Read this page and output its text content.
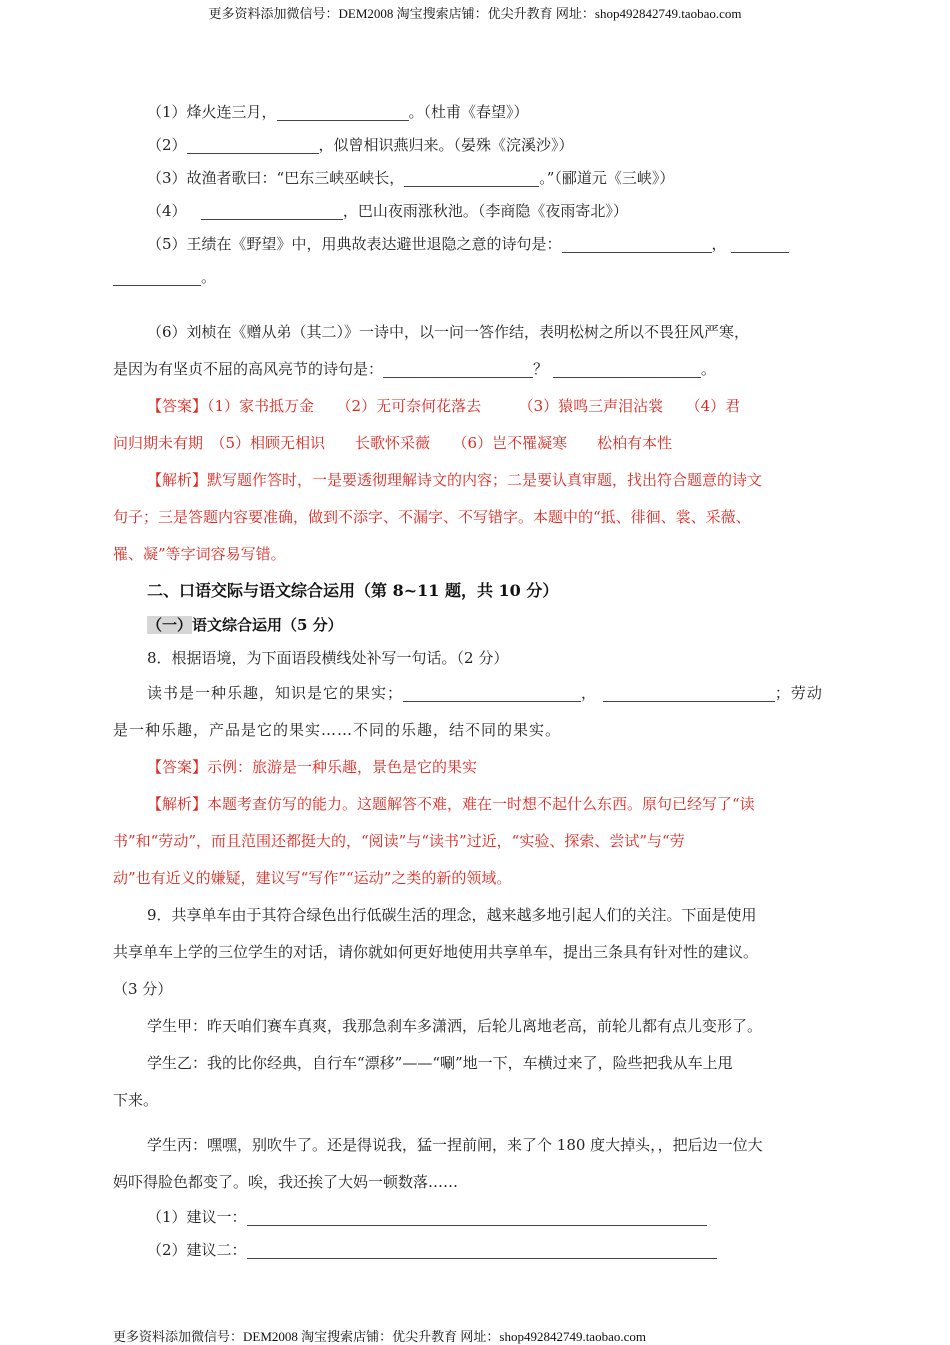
更多资料添加微信号：DEM2008 淘宝搜索店铺：优尖升教育 网址：shop492842749.taobao.com
（1）烽火连三月，	。（杜甫《春望》）
（2）	，似曾相识燕归来。（晏殊《浣溪沙》）
（3）故渔者歌曰：“巴东三峡巫峡长，	。”（郦道元《三峡》）
（4）	，巴山夜雨涨秋池。（李商隐《夜雨寄北》）
（5）王绩在《野望》中，用典故表达避世退隐之意的诗句是：	，
。
（6）刘桢在《赠从弟（其二）》一诗中，以一问一答作结，表明松树之所以不畏狂风严寒，
是因为有坚贞不屈的高风亮节的诗句是：	？	。
【答案】（1）家书抵万金　　（2）无可奈何花落去　　　（3）猿鸣三声泪沾裳　　（4）君
问归期未有期　（5）相顾无相识　　长歌怀采薇　　（6）岂不罹凝寒　　松柏有本性
【解析】默写题作答时，一是要透彻理解诗文的内容；二是要认真审题，找出符合题意的诗文
句子；三是答题内容要准确，做到不添字、不漏字、不写错字。本题中的“抵、徘徊、裳、采薇、
罹、凝”等字词容易写错。
二、口语交际与语文综合运用（第 8~11 题，共 10 分）
（一）语文综合运用（5 分）
8．根据语境，为下面语段横线处补写一句话。（2 分）
读书是一种乐趣，知识是它的果实；	，	；劳动
是一种乐趣，产品是它的果实……不同的乐趣，结不同的果实。
【答案】示例：旅游是一种乐趣，景色是它的果实
【解析】本题考查仿写的能力。这题解答不难，难在一时想不起什么东西。原句已经写了“读
书”和“劳动”，而且范围还都挺大的，“阅读”与“读书”过近，“实验、探索、尝试”与“劳
动”也有近义的嫌疑，建议写“写作”“运动”之类的新的领域。
9．共享单车由于其符合绿色出行低碳生活的理念，越来越多地引起人们的关注。下面是使用
共享单车上学的三位学生的对话，请你就如何更好地使用共享单车，提出三条具有针对性的建议。
（3 分）
学生甲：昨天咱们赛车真爽，我那急刹车多潇洒，后轮儿离地老高，前轮儿都有点儿变形了。
学生乙：我的比你经典，自行车“漂移”——“唰”地一下，车横过来了，险些把我从车上甩
下来。
学生丙：嘿嘿，别吹牛了。还是得说我，猛一捏前闸，来了个 180 度大掉头，，把后边一位大
妈吓得脸色都变了。唉，我还挨了大妈一顿数落……
（1）建议一：
（2）建议二：
更多资料添加微信号：DEM2008 淘宝搜索店铺：优尖升教育 网址：shop492842749.taobao.com
